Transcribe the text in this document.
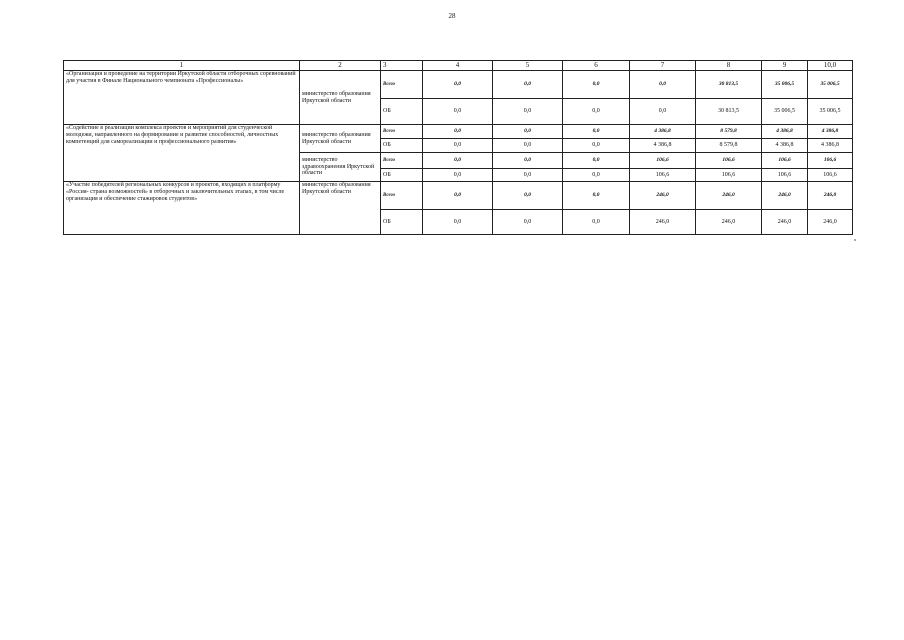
28
1	2	3	4	5	6	7	8	9	10,0
«Организация и проведение на территории Иркутской области отборочных соревнований для участия в Финале Национального чемпионата «Профессионалы»	министерство образования Иркутской области	Всего	0,0	0,0	0,0	0,0	30 813,5	35 006,5	35 006,5
		ОБ	0,0	0,0	0,0	0,0	30 813,5	35 006,5	35 006,5
«Содействие в реализации комплекса проектов и мероприятий для студенческой молодежи, направленного на формирование и развитие способностей, личностных компетенций для самореализации и профессионального развития»	министерство образования Иркутской области	Всего	0,0	0,0	0,0	4 386,8	8 579,8	4 386,8	4 386,8
		ОБ	0,0	0,0	0,0	4 386,8	8 579,8	4 386,8	4 386,8
	министерство здравоохранения Иркутской области	Всего	0,0	0,0	0,0	106,6	106,6	106,6	106,6
		ОБ	0,0	0,0	0,0	106,6	106,6	106,6	106,6
«Участие победителей региональных конкурсов и проектов, входящих в платформу «Россия- страна возможностей» в отборочных и заключительных этапах, в том числе организация и обеспечение стажировок студентов»	министерство образования Иркутской области	Всего	0,0	0,0	0,0	246,0	246,0	246,0	246,0
		ОБ	0,0	0,0	0,0	246,0	246,0	246,0	246,0
»
